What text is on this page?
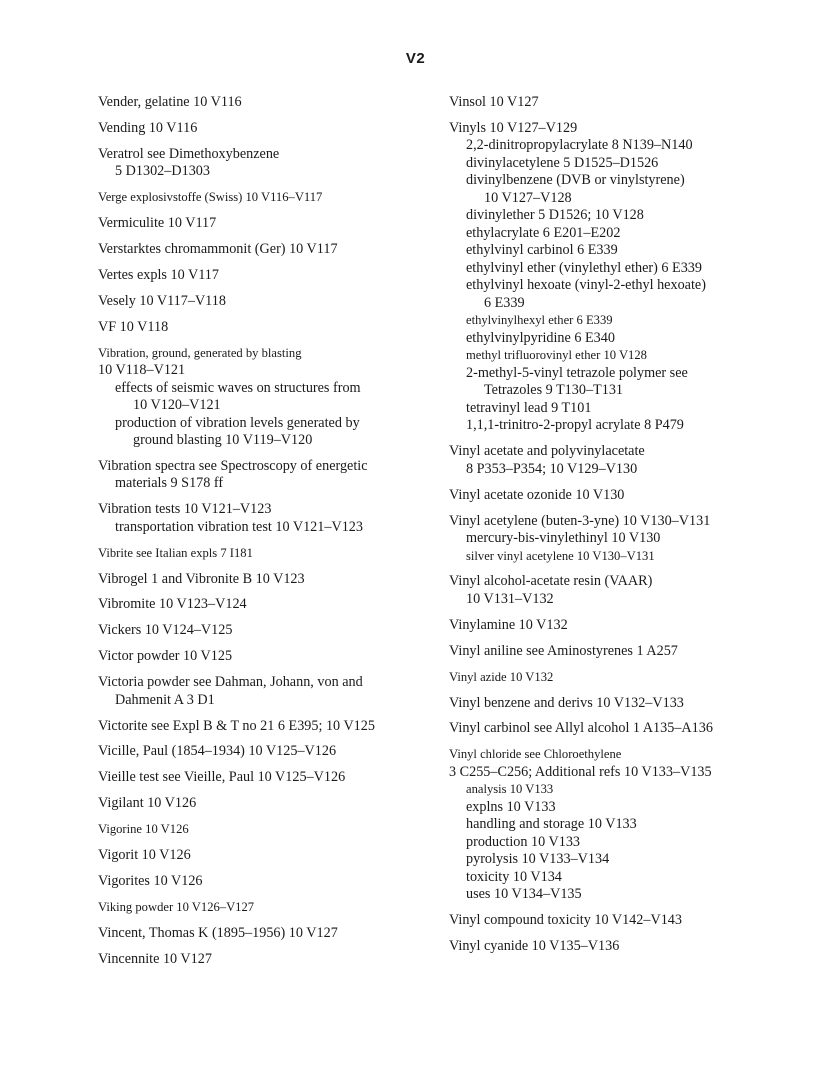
V2
Vender, gelatine 10 V116
Vending 10 V116
Veratrol see Dimethoxybenzene
5 D1302–D1303
Verge explosivstoffe (Swiss) 10 V116–V117
Vermiculite 10 V117
Verstarktes chromammonit (Ger) 10 V117
Vertes expls 10 V117
Vesely 10 V117–V118
VF 10 V118
Vibration, ground, generated by blasting
10 V118–V121
effects of seismic waves on structures from
10 V120–V121
production of vibration levels generated by
ground blasting 10 V119–V120
Vibration spectra see Spectroscopy of energetic
materials 9 S178 ff
Vibration tests 10 V121–V123
transportation vibration test 10 V121–V123
Vibrite see Italian expls 7 I181
Vibrogel 1 and Vibronite B 10 V123
Vibromite 10 V123–V124
Vickers 10 V124–V125
Victor powder 10 V125
Victoria powder see Dahman, Johann, von and
Dahmenit A 3 D1
Victorite see Expl B & T no 21 6 E395; 10 V125
Vicille, Paul (1854–1934) 10 V125–V126
Vieille test see Vieille, Paul 10 V125–V126
Vigilant 10 V126
Vigorine 10 V126
Vigorit 10 V126
Vigorites 10 V126
Viking powder 10 V126–V127
Vincent, Thomas K (1895–1956) 10 V127
Vincennite 10 V127
Vinsol 10 V127
Vinyls 10 V127–V129
2,2-dinitropropylacrylate 8 N139–N140
divinylacetylene 5 D1525–D1526
divinylbenzene (DVB or vinylstyrene)
10 V127–V128
divinylether 5 D1526; 10 V128
ethylacrylate 6 E201–E202
ethylvinyl carbinol 6 E339
ethylvinyl ether (vinylethyl ether) 6 E339
ethylvinyl hexoate (vinyl-2-ethyl hexoate)
6 E339
ethylvinylhexyl ether 6 E339
ethylvinylpyridine 6 E340
methyl trifluorovinyl ether 10 V128
2-methyl-5-vinyl tetrazole polymer see
Tetrazoles 9 T130–T131
tetravinyl lead 9 T101
1,1,1-trinitro-2-propyl acrylate 8 P479
Vinyl acetate and polyvinylacetate
8 P353–P354; 10 V129–V130
Vinyl acetate ozonide 10 V130
Vinyl acetylene (buten-3-yne) 10 V130–V131
mercury-bis-vinylethinyl 10 V130
silver vinyl acetylene 10 V130–V131
Vinyl alcohol-acetate resin (VAAR)
10 V131–V132
Vinylamine 10 V132
Vinyl aniline see Aminostyrenes 1 A257
Vinyl azide 10 V132
Vinyl benzene and derivs 10 V132–V133
Vinyl carbinol see Allyl alcohol 1 A135–A136
Vinyl chloride see Chloroethylene
3 C255–C256; Additional refs 10 V133–V135
analysis 10 V133
explns 10 V133
handling and storage 10 V133
production 10 V133
pyrolysis 10 V133–V134
toxicity 10 V134
uses 10 V134–V135
Vinyl compound toxicity 10 V142–V143
Vinyl cyanide 10 V135–V136
